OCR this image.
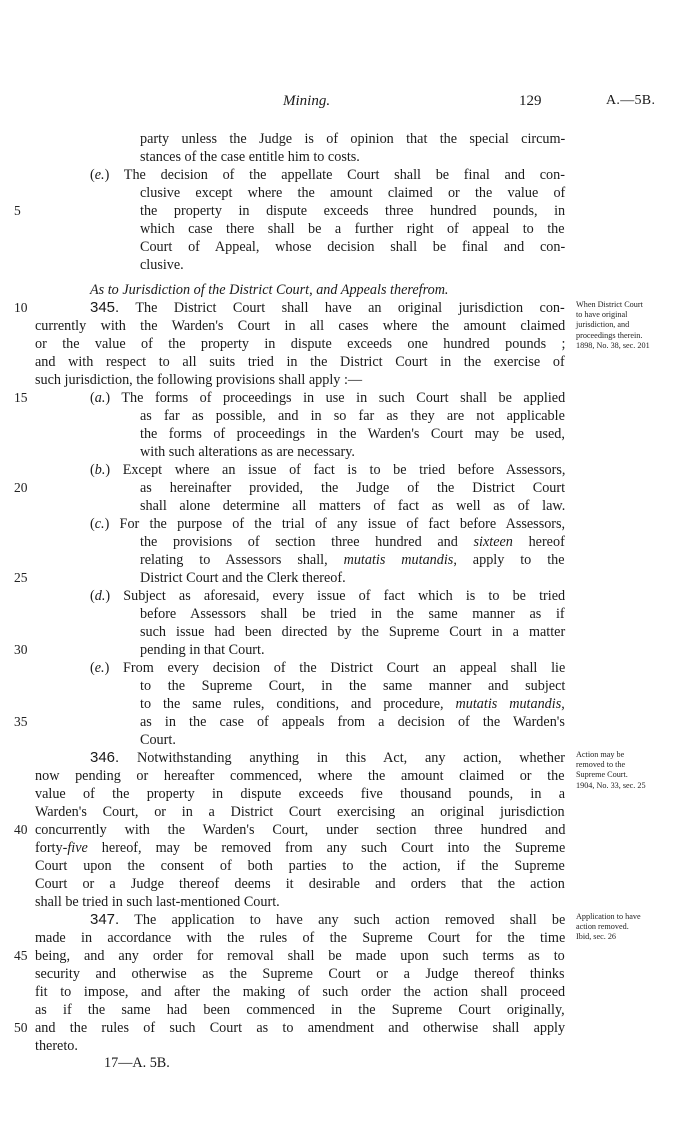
Mining.	129	A.—5B.
party unless the Judge is of opinion that the special circum-
stances of the case entitle him to costs.
(e.) The decision of the appellate Court shall be final and con-
clusive except where the amount claimed or the value of
the property in dispute exceeds three hundred pounds, in
which case there shall be a further right of appeal to the
Court of Appeal, whose decision shall be final and con-
clusive.
As to Jurisdiction of the District Court, and Appeals therefrom.
345. The District Court shall have an original jurisdiction con-
currently with the Warden's Court in all cases where the amount claimed
or the value of the property in dispute exceeds one hundred pounds ;
and with respect to all suits tried in the District Court in the exercise of
such jurisdiction, the following provisions shall apply :—
(a.) The forms of proceedings in use in such Court shall be applied
as far as possible, and in so far as they are not applicable
the forms of proceedings in the Warden's Court may be used,
with such alterations as are necessary.
(b.) Except where an issue of fact is to be tried before Assessors,
as hereinafter provided, the Judge of the District Court
shall alone determine all matters of fact as well as of law.
(c.) For the purpose of the trial of any issue of fact before Assessors,
the provisions of section three hundred and sixteen hereof
relating to Assessors shall, mutatis mutandis, apply to the
District Court and the Clerk thereof.
(d.) Subject as aforesaid, every issue of fact which is to be tried
before Assessors shall be tried in the same manner as if
such issue had been directed by the Supreme Court in a matter
pending in that Court.
(e.) From every decision of the District Court an appeal shall lie
to the Supreme Court, in the same manner and subject
to the same rules, conditions, and procedure, mutatis mutandis,
as in the case of appeals from a decision of the Warden's
Court.
346. Notwithstanding anything in this Act, any action, whether
now pending or hereafter commenced, where the amount claimed or the
value of the property in dispute exceeds five thousand pounds, in a
Warden's Court, or in a District Court exercising an original jurisdiction
concurrently with the Warden's Court, under section three hundred and
forty-five hereof, may be removed from any such Court into the Supreme
Court upon the consent of both parties to the action, if the Supreme
Court or a Judge thereof deems it desirable and orders that the action
shall be tried in such last-mentioned Court.
347. The application to have any such action removed shall be
made in accordance with the rules of the Supreme Court for the time
being, and any order for removal shall be made upon such terms as to
security and otherwise as the Supreme Court or a Judge thereof thinks
fit to impose, and after the making of such order the action shall proceed
as if the same had been commenced in the Supreme Court originally,
and the rules of such Court as to amendment and otherwise shall apply
thereto.
5
10
15
20
25
30
35
40
45
50
When District Court
to have original
jurisdiction, and
proceedings therein.
1898, No. 38, sec. 201
Action may be
removed to the
Supreme Court.
1904, No. 33, sec. 25
Application to have
action removed.
Ibid, sec. 26
17—A. 5B.
